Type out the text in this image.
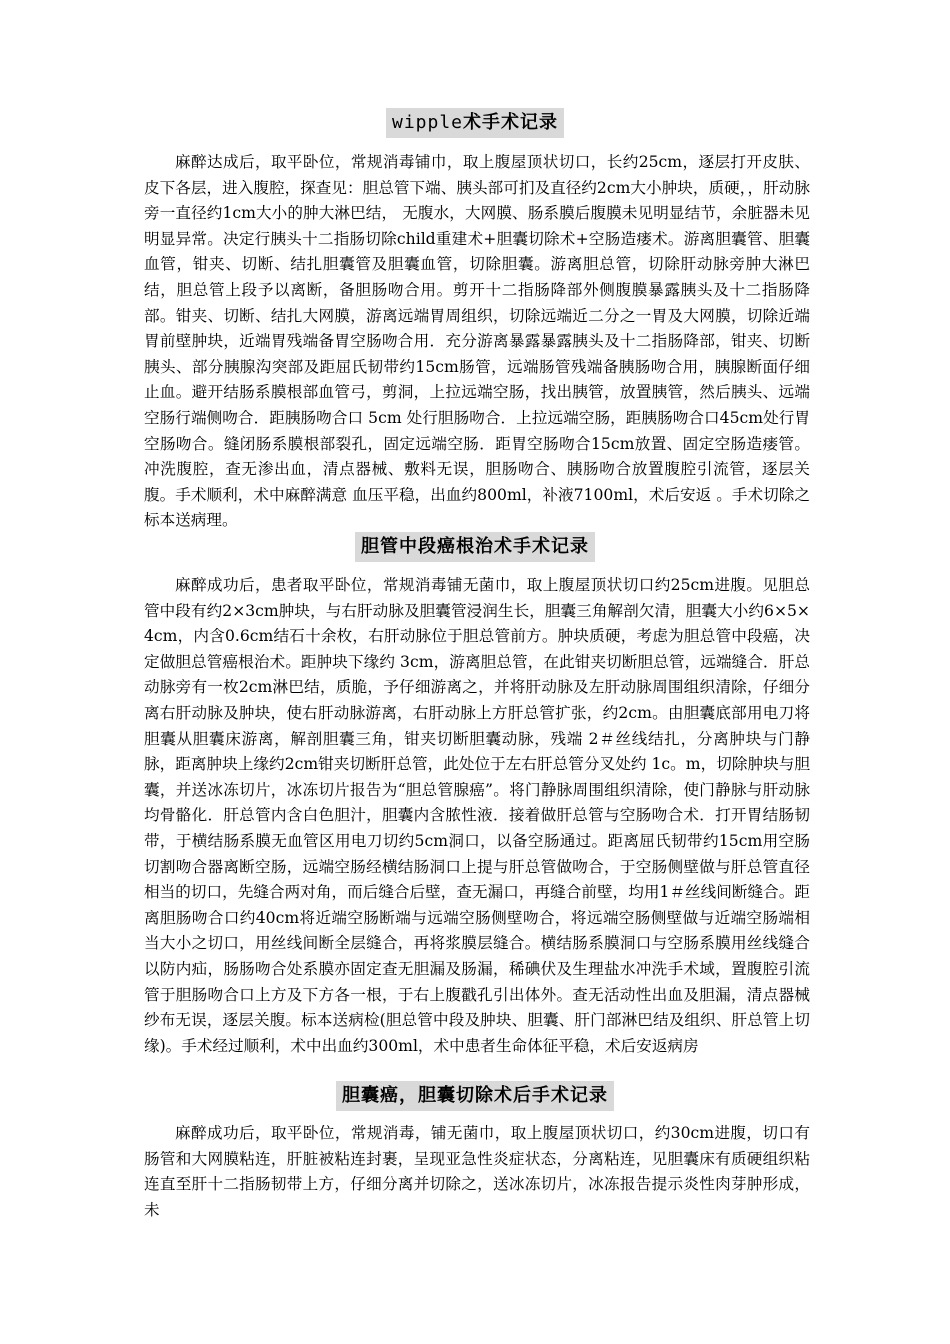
wipple术手术记录

麻醉达成后，取平卧位，常规消毒铺巾，取上腹屋顶状切口，长约25cm，逐层打开皮肤、皮下各层，进入腹腔，探查见：胆总管下端、胰头部可扪及直径约2cm大小肿块，质硬，，肝动脉旁一直径约1cm大小的肿大淋巴结， 无腹水，大网膜、肠系膜后腹膜未见明显结节，余脏器未见明显异常。决定行胰头十二指肠切除child重建术+胆囊切除术+空肠造瘘术。游离胆囊管、胆囊血管，钳夹、切断、结扎胆囊管及胆囊血管，切除胆囊。游离胆总管，切除肝动脉旁肿大淋巴结，胆总管上段予以离断，备胆肠吻合用。剪开十二指肠降部外侧腹膜暴露胰头及十二指肠降部。钳夹、切断、结扎大网膜，游离远端胃周组织，切除远端近二分之一胃及大网膜，切除近端胃前壁肿块，近端胃残端备胃空肠吻合用．充分游离暴露暴露胰头及十二指肠降部，钳夹、切断胰头、部分胰腺沟突部及距屈氏韧带约15cm肠管，远端肠管残端备胰肠吻合用，胰腺断面仔细止血。避开结肠系膜根部血管弓，剪洞，上拉远端空肠，找出胰管，放置胰管，然后胰头、远端空肠行端侧吻合．距胰肠吻合口 5cm 处行胆肠吻合．上拉远端空肠，距胰肠吻合口45cm处行胃空肠吻合。缝闭肠系膜根部裂孔，固定远端空肠．距胃空肠吻合15cm放置、固定空肠造瘘管。冲洗腹腔，查无渗出血，清点器械、敷料无误，胆肠吻合、胰肠吻合放置腹腔引流管，逐层关腹。手术顺利，术中麻醉满意 血压平稳，出血约800ml，补液7100ml，术后安返 。手术切除之标本送病理。

胆管中段癌根治术手术记录

麻醉成功后，患者取平卧位，常规消毒铺无菌巾，取上腹屋顶状切口约25cm进腹。见胆总管中段有约2×3cm肿块，与右肝动脉及胆囊管浸润生长，胆囊三角解剖欠清，胆囊大小约6×5×4cm，内含0.6cm结石十余枚，右肝动脉位于胆总管前方。肿块质硬，考虑为胆总管中段癌，决定做胆总管癌根治术。距肿块下缘约 3cm，游离胆总管，在此钳夹切断胆总管，远端缝合．肝总动脉旁有一枚2cm淋巴结，质脆，予仔细游离之，并将肝动脉及左肝动脉周围组织清除，仔细分离右肝动脉及肿块，使右肝动脉游离，右肝动脉上方肝总管扩张，约2cm。由胆囊底部用电刀将胆囊从胆囊床游离，解剖胆囊三角，钳夹切断胆囊动脉，残端 2＃丝线结扎，分离肿块与门静脉，距离肿块上缘约2cm钳夹切断肝总管，此处位于左右肝总管分叉处约 1c。m，切除肿块与胆囊，并送冰冻切片，冰冻切片报告为“胆总管腺癌”。将门静脉周围组织清除，使门静脉与肝动脉均骨骼化．肝总管内含白色胆汁，胆囊内含脓性液．接着做肝总管与空肠吻合术．打开胃结肠韧带，于横结肠系膜无血管区用电刀切约5cm洞口，以备空肠通过。距离屈氏韧带约15cm用空肠切割吻合器离断空肠，远端空肠经横结肠洞口上提与肝总管做吻合，于空肠侧壁做与肝总管直径相当的切口，先缝合两对角，而后缝合后壁，查无漏口，再缝合前壁，均用1＃丝线间断缝合。距离胆肠吻合口约40cm将近端空肠断端与远端空肠侧壁吻合，将远端空肠侧壁做与近端空肠端相当大小之切口，用丝线间断全层缝合，再将浆膜层缝合。横结肠系膜洞口与空肠系膜用丝线缝合以防内疝，肠肠吻合处系膜亦固定查无胆漏及肠漏，稀碘伏及生理盐水冲洗手术域，置腹腔引流管于胆肠吻合口上方及下方各一根，于右上腹戳孔引出体外。查无活动性出血及胆漏，清点器械纱布无误，逐层关腹。标本送病检(胆总管中段及肿块、胆囊、肝门部淋巴结及组织、肝总管上切缘)。手术经过顺利，术中出血约300ml，术中患者生命体征平稳，术后安返病房

胆囊癌，胆囊切除术后手术记录

麻醉成功后，取平卧位，常规消毒，铺无菌巾，取上腹屋顶状切口，约30cm进腹，切口有肠管和大网膜粘连，肝脏被粘连封裹，呈现亚急性炎症状态，分离粘连，见胆囊床有质硬组织粘连直至肝十二指肠韧带上方，仔细分离并切除之，送冰冻切片，冰冻报告提示炎性肉芽肿形成，未
